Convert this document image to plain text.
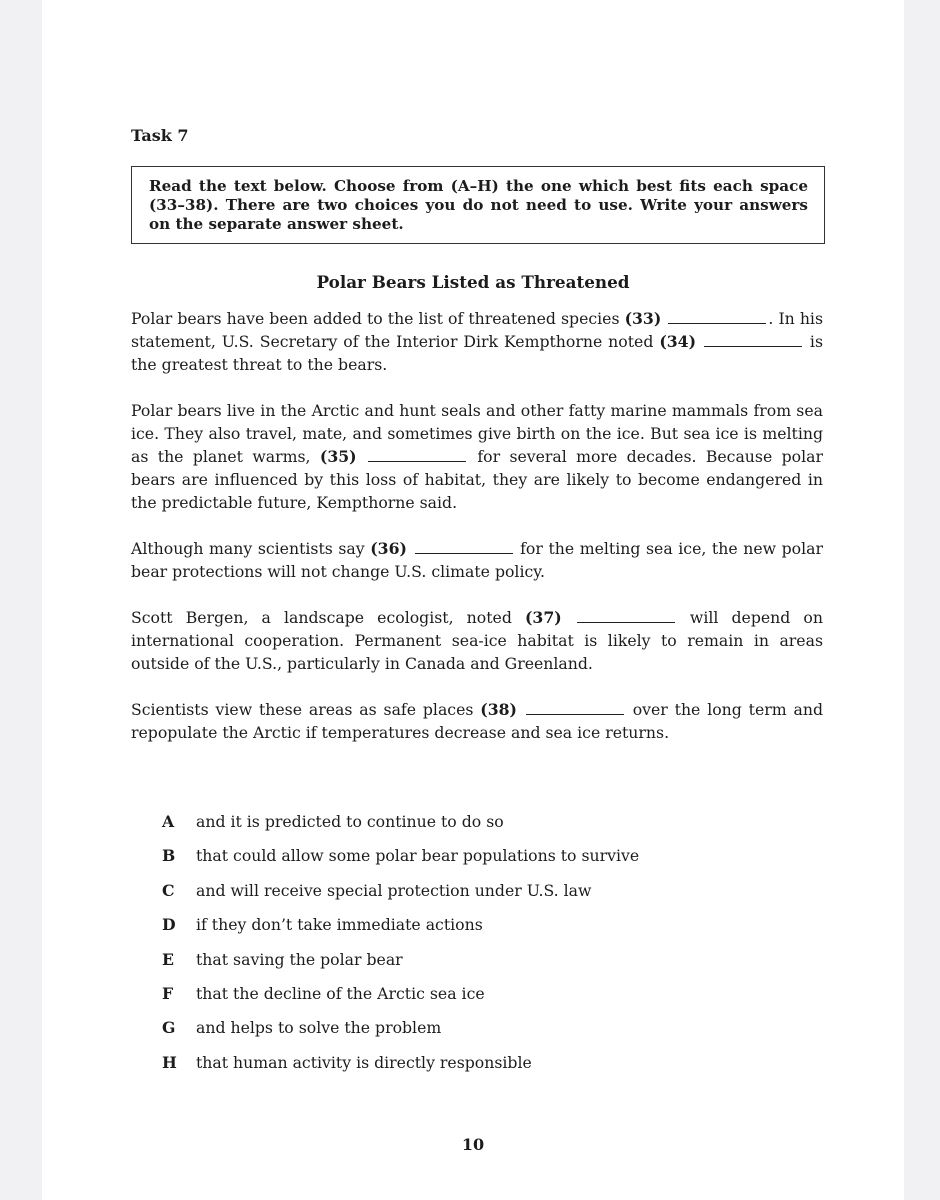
Task 7
Read the text below. Choose from (A–H) the one which best fits each space (33–38). There are two choices you do not need to use. Write your answers on the separate answer sheet.
Polar Bears Listed as Threatened
Polar bears have been added to the list of threatened species (33)	. In his statement, U.S. Secretary of the Interior Dirk Kempthorne noted (34)	is the greatest threat to the bears.
Polar bears live in the Arctic and hunt seals and other fatty marine mammals from sea ice. They also travel, mate, and sometimes give birth on the ice. But sea ice is melting as the planet warms, (35)	for several more decades. Because polar bears are influenced by this loss of habitat, they are likely to become endangered in the predictable future, Kempthorne said.
Although many scientists say (36)	for the melting sea ice, the new polar bear protections will not change U.S. climate policy.
Scott Bergen, a landscape ecologist, noted (37)	will depend on international cooperation. Permanent sea-ice habitat is likely to remain in areas outside of the U.S., particularly in Canada and Greenland.
Scientists view these areas as safe places (38)	over the long term and repopulate the Arctic if temperatures decrease and sea ice returns.
A	and it is predicted to continue to do so
B	that could allow some polar bear populations to survive
C	and will receive special protection under U.S. law
D	if they don’t take immediate actions
E	that saving the polar bear
F	that the decline of the Arctic sea ice
G	and helps to solve the problem
H	that human activity is directly responsible
10
